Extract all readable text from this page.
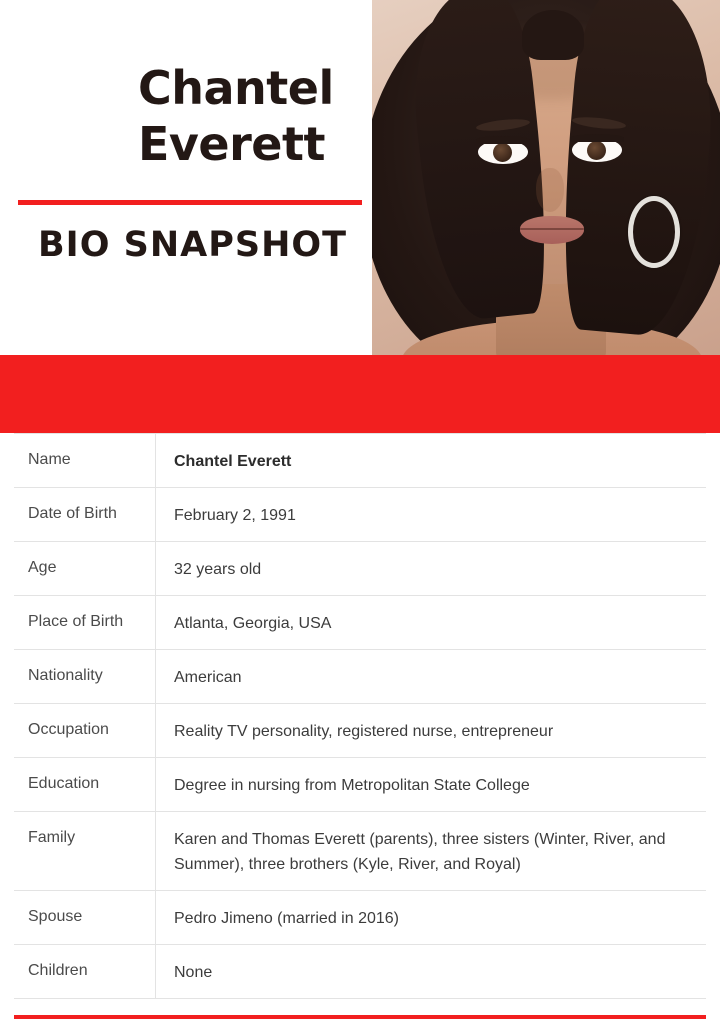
Chantel
Everett
BIO SNAPSHOT
Name	Chantel Everett
Date of Birth	February 2, 1991
Age	32 years old
Place of Birth	Atlanta, Georgia, USA
Nationality	American
Occupation	Reality TV personality, registered nurse, entrepreneur
Education	Degree in nursing from Metropolitan State College
Family	Karen and Thomas Everett (parents), three sisters (Winter, River, and Summer), three brothers (Kyle, River, and Royal)
Spouse	Pedro Jimeno (married in 2016)
Children	None
